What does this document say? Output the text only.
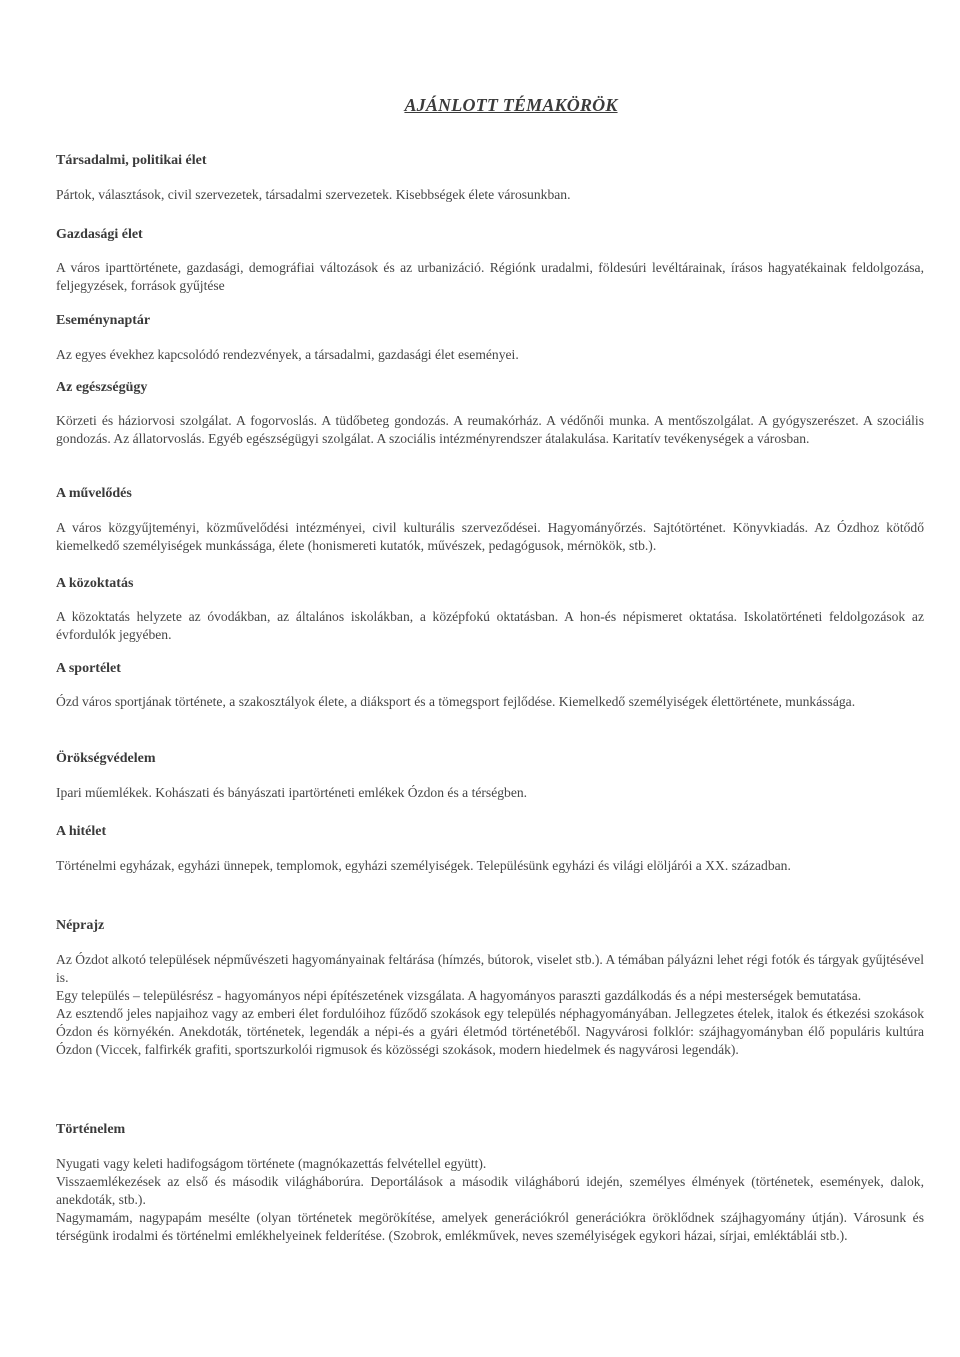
AJÁNLOTT TÉMAKÖRÖK
Társadalmi, politikai élet
Pártok, választások, civil szervezetek, társadalmi szervezetek. Kisebbségek élete városunkban.
Gazdasági élet
A város iparttörténete, gazdasági, demográfiai változások és az urbanizáció. Régiónk uradalmi, földesúri levéltárainak, írásos hagyatékainak feldolgozása, feljegyzések, források gyűjtése
Eseménynaptár
Az egyes évekhez kapcsolódó rendezvények, a társadalmi, gazdasági élet eseményei.
Az egészségügy
Körzeti és háziorvosi szolgálat. A fogorvoslás. A tüdőbeteg gondozás. A reumakórház. A védőnői munka. A mentőszolgálat. A gyógyszerészet. A szociális gondozás. Az állatorvoslás. Egyéb egészségügyi szolgálat. A szociális intézményrendszer átalakulása. Karitatív tevékenységek a városban.
A művelődés
A város közgyűjteményi, közművelődési intézményei, civil kulturális szerveződései. Hagyományőrzés. Sajtótörténet. Könyvkiadás. Az Ózdhoz kötődő kiemelkedő személyiségek munkássága, élete (honismereti kutatók, művészek, pedagógusok, mérnökök, stb.).
A közoktatás
A közoktatás helyzete az óvodákban, az általános iskolákban, a középfokú oktatásban. A hon-és népismeret oktatása. Iskolatörténeti feldolgozások az évfordulók jegyében.
A sportélet
Ózd város sportjának története, a szakosztályok élete, a diáksport és a tömegsport fejlődése. Kiemelkedő személyiségek élettörténete, munkássága.
Örökségvédelem
Ipari műemlékek. Kohászati és bányászati ipartörténeti emlékek Ózdon és a térségben.
A hitélet
Történelmi egyházak, egyházi ünnepek, templomok, egyházi személyiségek. Településünk egyházi és világi elöljárói a XX. században.
Néprajz
Az Ózdot alkotó települések népművészeti hagyományainak feltárása (hímzés, bútorok, viselet stb.). A témában pályázni lehet régi fotók és tárgyak gyűjtésével is.
Egy település – településrész - hagyományos népi építészetének vizsgálata. A hagyományos paraszti gazdálkodás és a népi mesterségek bemutatása.
Az esztendő jeles napjaihoz vagy az emberi élet fordulóihoz fűződő szokások egy település néphagyományában. Jellegzetes ételek, italok és étkezési szokások Ózdon és környékén. Anekdoták, történetek, legendák a népi-és a gyári életmód történetéből. Nagyvárosi folklór: szájhagyományban élő populáris kultúra Ózdon (Viccek, falfirkék grafiti, sportszurkolói rigmusok és közösségi szokások, modern hiedelmek és nagyvárosi legendák).
Történelem
Nyugati vagy keleti hadifogságom története (magnókazettás felvétellel együtt).
Visszaemlékezések az első és második világháborúra. Deportálások a második világháború idején, személyes élmények (történetek, események, dalok, anekdoták, stb.).
Nagymamám, nagypapám mesélte (olyan történetek megörökítése, amelyek generációkról generációkra öröklődnek szájhagyomány útján). Városunk és térségünk irodalmi és történelmi emlékhelyeinek felderítése. (Szobrok, emlékművek, neves személyiségek egykori házai, sírjai, emléktáblái stb.).
